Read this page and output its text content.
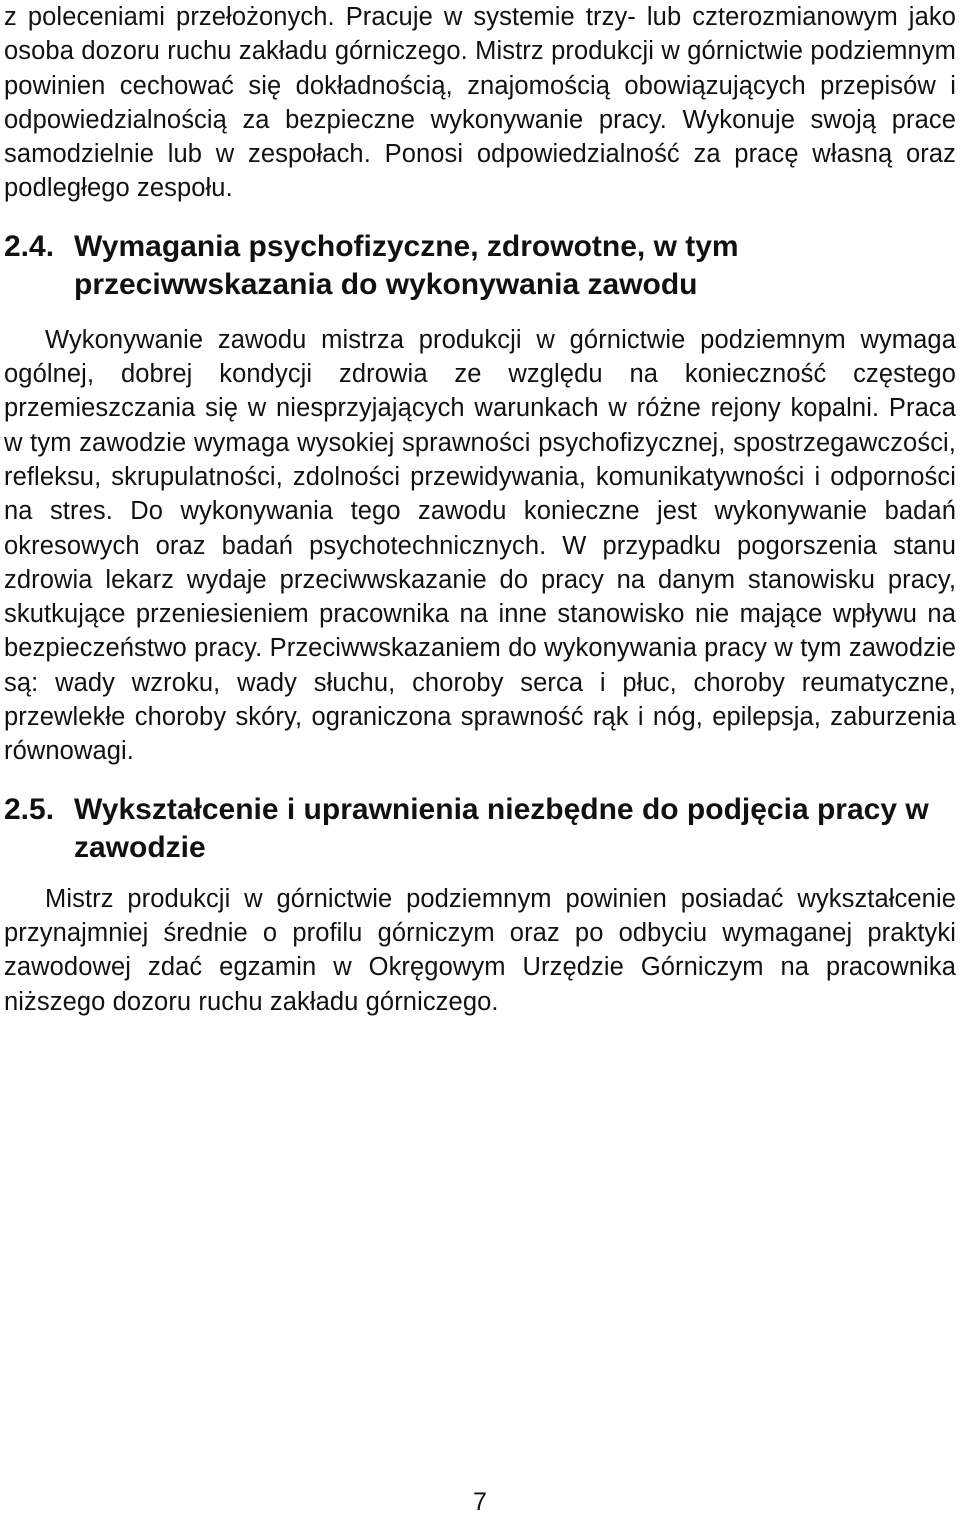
z poleceniami przełożonych. Pracuje w systemie trzy- lub czterozmianowym jako osoba dozoru ruchu zakładu górniczego. Mistrz produkcji w górnictwie podziemnym powinien cechować się dokładnością, znajomością obowiązujących przepisów i odpowiedzialnością za bezpieczne wykonywanie pracy. Wykonuje swoją prace samodzielnie lub w zespołach. Ponosi odpowiedzialność za pracę własną oraz podległego zespołu.

2.4. Wymagania psychofizyczne, zdrowotne, w tym przeciwwskazania do wykonywania zawodu

Wykonywanie zawodu mistrza produkcji w górnictwie podziemnym wymaga ogólnej, dobrej kondycji zdrowia ze względu na konieczność częstego przemieszczania się w niesprzyjających warunkach w różne rejony kopalni. Praca w tym zawodzie wymaga wysokiej sprawności psychofizycznej, spostrzegawczości, refleksu, skrupulatności, zdolności przewidywania, komunikatywności i odporności na stres. Do wykonywania tego zawodu konieczne jest wykonywanie badań okresowych oraz badań psychotechnicznych. W przypadku pogorszenia stanu zdrowia lekarz wydaje przeciwwskazanie do pracy na danym stanowisku pracy, skutkujące przeniesieniem pracownika na inne stanowisko nie mające wpływu na bezpieczeństwo pracy. Przeciwwskazaniem do wykonywania pracy w tym zawodzie są: wady wzroku, wady słuchu, choroby serca i płuc, choroby reumatyczne, przewlekłe choroby skóry, ograniczona sprawność rąk i nóg, epilepsja, zaburzenia równowagi.

2.5. Wykształcenie i uprawnienia niezbędne do podjęcia pracy w zawodzie

Mistrz produkcji w górnictwie podziemnym powinien posiadać wykształcenie przynajmniej średnie o profilu górniczym oraz po odbyciu wymaganej praktyki zawodowej zdać egzamin w Okręgowym Urzędzie Górniczym na pracownika niższego dozoru ruchu zakładu górniczego.

7
